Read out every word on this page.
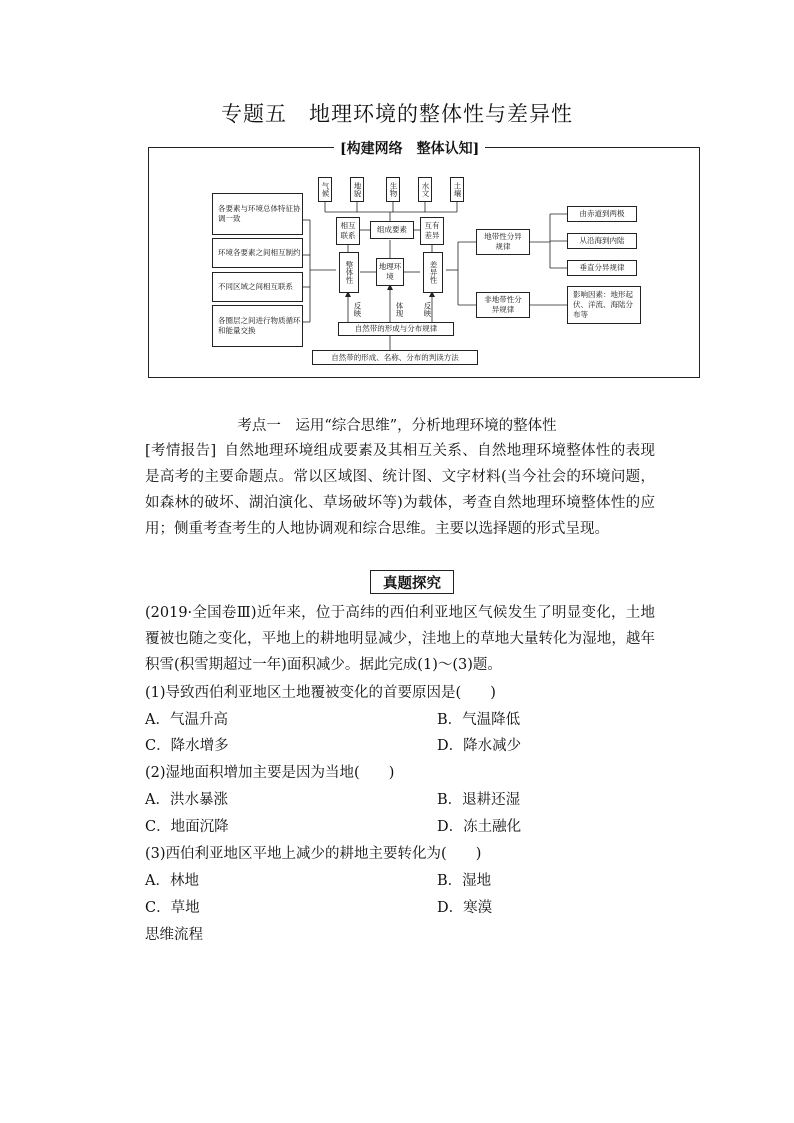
专题五　地理环境的整体性与差异性
[构建网络　整体认知]
气候	地貌	生物	水文	土壤
各要素与环境总体特征协调一致
环境各要素之间相互制约
不同区域之间相互联系
各圈层之间进行物质循环和能量交换
相互联系
组成要素	互有差异
整体性	地理环境	差异性
反映	体现	反映
地带性分异规律
非地带性分异规律
由赤道到两极
从沿海到内陆
垂直分异规律
影响因素：地形起伏、洋流、海陆分布等
自然带的形成与分布规律
自然带的形成、名称、分布的判读方法
考点一　运用“综合思维”，分析地理环境的整体性
[考情报告] 自然地理环境组成要素及其相互关系、自然地理环境整体性的表现是高考的主要命题点。常以区域图、统计图、文字材料(当今社会的环境问题，如森林的破坏、湖泊演化、草场破坏等)为载体，考查自然地理环境整体性的应用；侧重考查考生的人地协调观和综合思维。主要以选择题的形式呈现。
真题探究
(2019·全国卷Ⅲ)近年来，位于高纬的西伯利亚地区气候发生了明显变化，土地覆被也随之变化，平地上的耕地明显减少，洼地上的草地大量转化为湿地，越年积雪(积雪期超过一年)面积减少。据此完成(1)～(3)题。
(1)导致西伯利亚地区土地覆被变化的首要原因是(　　)
A．气温升高	B．气温降低
C．降水增多	D．降水减少
(2)湿地面积增加主要是因为当地(　　)
A．洪水暴涨	B．退耕还湿
C．地面沉降	D．冻土融化
(3)西伯利亚地区平地上减少的耕地主要转化为(　　)
A．林地	B．湿地
C．草地	D．寒漠
思维流程
